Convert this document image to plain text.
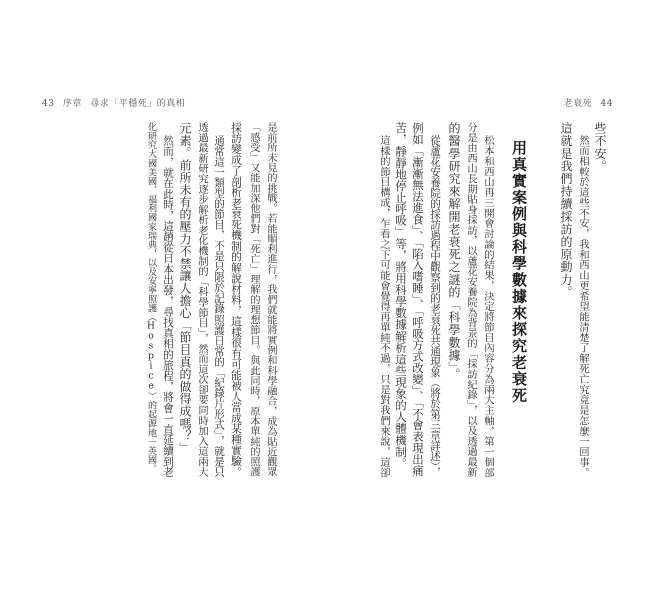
43 序章 尋求「平穩死」的真相	老衰死 44
些不安。
然而相較於這些不安，我和西山更希望能清楚了解死亡究竟是怎麼一回事。
這就是我們持續採訪的原動力。
用真實案例與科學數據來探究老衰死
松本和西山再三開會討論的結果，決定將節目內容分為兩大主軸，第一個部
分是由西山長期貼身採訪，以蘆花安養院為背景的「採訪紀錄」，以及透過最新
的醫學研究來解開老衰死之謎的「科學數據」。
從蘆花安養院的採訪過程中觀察到的老衰死共通現象（將於第三章詳述），
例如「漸漸無法進食」、「陷入嗜睡」、「呼吸方式改變」、「不會表現出痛
苦，靜靜地停止呼吸」等，將用科學數據解析這些現象的人體機制。
這樣的節目構成，乍看之下可能會覺得再單純不過，只是對我們來說，這卻
是前所未見的挑戰。若能順利進行，我們就能將實例和科學融合，成為貼近觀眾
「感受」又能加深他們對「死亡」理解的理想節目。與此同時，原本單純的照護
採訪變成了剖析老衰死機制的解說材料，這樣很有可能被人當成某種實驗。
通常這一類型的節目，不是只限於記錄照護日常的「紀錄片形式」，就是只
透過最新研究逐步解析老化機制的「科學節目」，然而這次卻要同時加入這兩大
元素。前所未有的壓力不禁讓人擔心「節目真的做得成嗎？」
然而，就在此時，這趟從日本出發，尋找真相的旅程，將會一直延續到老
化研究大國美國、福利國家瑞典，以及安寧照護（Hospice）的起源地－英國。
